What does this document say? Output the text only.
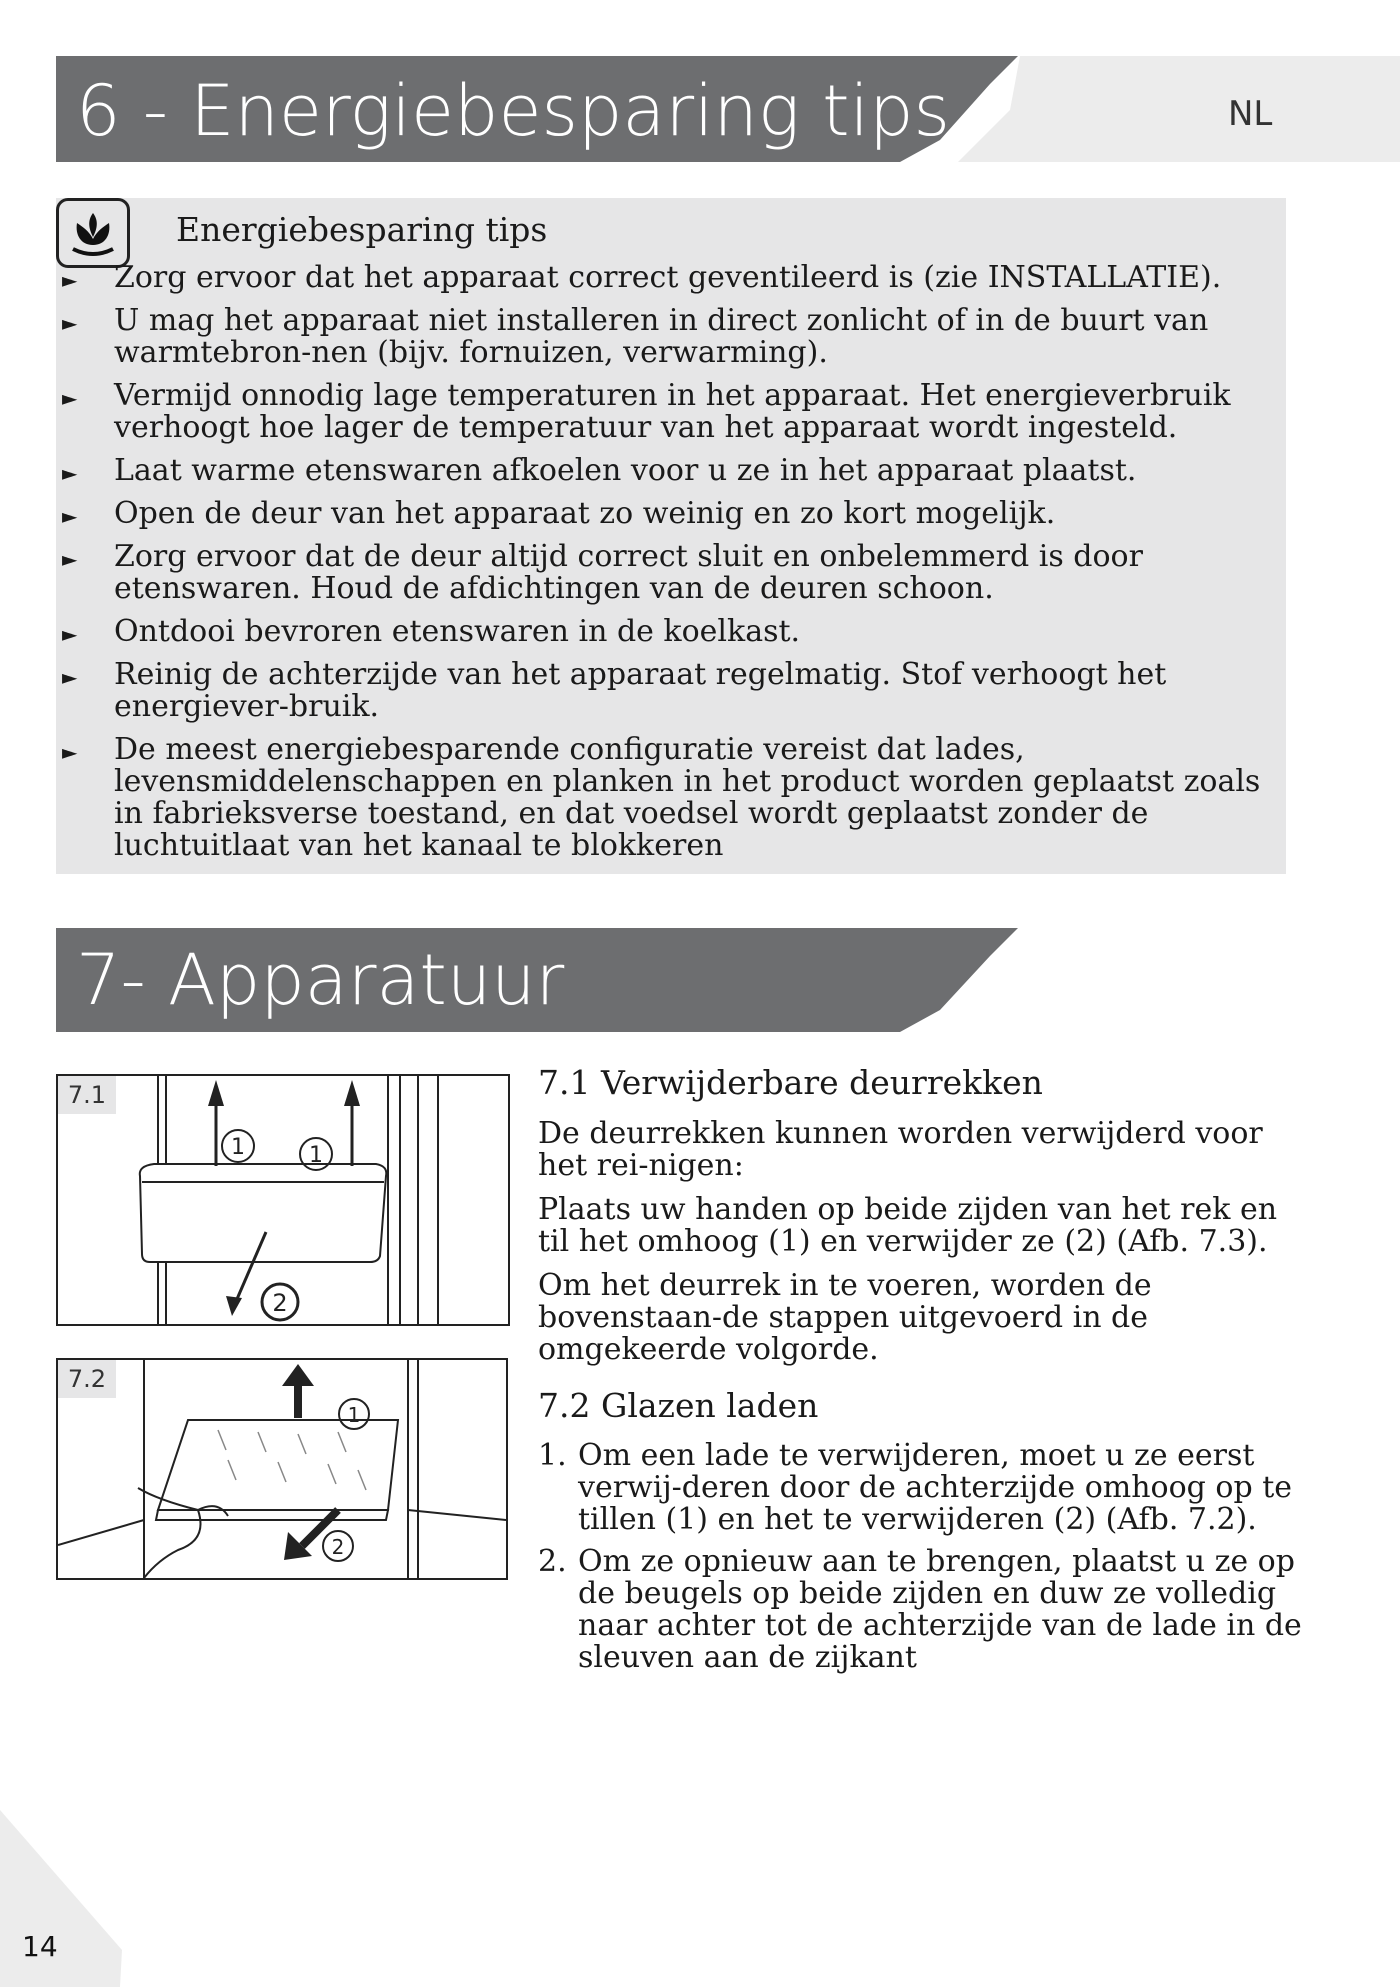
6 - Energiebesparing tips	NL
Energiebesparing tips
► Zorg ervoor dat het apparaat correct geventileerd is (zie INSTALLATIE).
► U mag het apparaat niet installeren in direct zonlicht of in de buurt van warmtebron-nen (bijv. fornuizen, verwarming).
► Vermijd onnodig lage temperaturen in het apparaat. Het energieverbruik verhoogt hoe lager de temperatuur van het apparaat wordt ingesteld.
► Laat warme etenswaren afkoelen voor u ze in het apparaat plaatst.
► Open de deur van het apparaat zo weinig en zo kort mogelijk.
► Zorg ervoor dat de deur altijd correct sluit en onbelemmerd is door etenswaren. Houd de afdichtingen van de deuren schoon.
► Ontdooi bevroren etenswaren in de koelkast.
► Reinig de achterzijde van het apparaat regelmatig. Stof verhoogt het energiever-bruik.
► De meest energiebesparende configuratie vereist dat lades, levensmiddelenschappen en planken in het product worden geplaatst zoals in fabrieksverse toestand, en dat voedsel wordt geplaatst zonder de luchtuitlaat van het kanaal te blokkeren
7- Apparatuur
7.1
1	1
2
7.2
1
2
7.1 Verwijderbare deurrekken

De deurrekken kunnen worden verwijderd voor het rei-nigen:

Plaats uw handen op beide zijden van het rek en til het omhoog (1) en verwijder ze (2) (Afb. 7.3).

Om het deurrek in te voeren, worden de bovenstaan-de stappen uitgevoerd in de omgekeerde volgorde.

7.2 Glazen laden
1. Om een lade te verwijderen, moet u ze eerst verwij-deren door de achterzijde omhoog op te tillen (1) en het te verwijderen (2) (Afb. 7.2).
2. Om ze opnieuw aan te brengen, plaatst u ze op de beugels op beide zijden en duw ze volledig naar achter tot de achterzijde van de lade in de sleuven aan de zijkant
14
